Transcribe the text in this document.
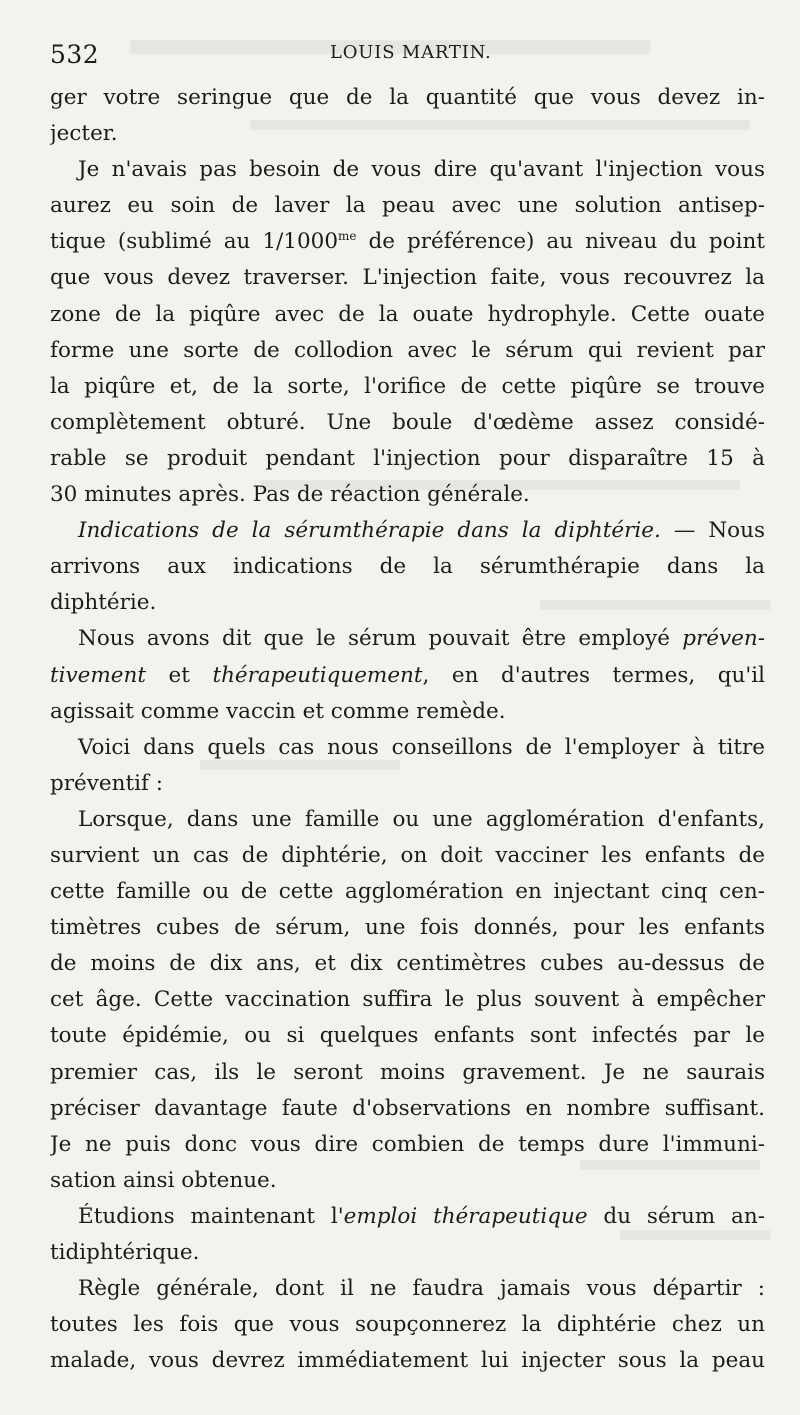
532	LOUIS MARTIN.
ger votre seringue que de la quantité que vous devez in-
jecter.
Je n'avais pas besoin de vous dire qu'avant l'injection vous
aurez eu soin de laver la peau avec une solution antisep-
tique (sublimé au $1/1000^{me}$ de préférence) au niveau du point
que vous devez traverser. L'injection faite, vous recouvrez la
zone de la piqûre avec de la ouate hydrophyle. Cette ouate
forme une sorte de collodion avec le sérum qui revient par
la piqûre et, de la sorte, l'orifice de cette piqûre se trouve
complètement obturé. Une boule d'œdème assez considé-
rable se produit pendant l'injection pour disparaître 15 à
30 minutes après. Pas de réaction générale.
Indications de la sérumthérapie dans la diphtérie. — Nous
arrivons aux indications de la sérumthérapie dans la
diphtérie.
Nous avons dit que le sérum pouvait être employé préven-
tivement et thérapeutiquement, en d'autres termes, qu'il
agissait comme vaccin et comme remède.
Voici dans quels cas nous conseillons de l'employer à titre
préventif :
Lorsque, dans une famille ou une agglomération d'enfants,
survient un cas de diphtérie, on doit vacciner les enfants de
cette famille ou de cette agglomération en injectant cinq cen-
timètres cubes de sérum, une fois donnés, pour les enfants
de moins de dix ans, et dix centimètres cubes au-dessus de
cet âge. Cette vaccination suffira le plus souvent à empêcher
toute épidémie, ou si quelques enfants sont infectés par le
premier cas, ils le seront moins gravement. Je ne saurais
préciser davantage faute d'observations en nombre suffisant.
Je ne puis donc vous dire combien de temps dure l'immuni-
sation ainsi obtenue.
Étudions maintenant l'emploi thérapeutique du sérum an-
tidiphtérique.
Règle générale, dont il ne faudra jamais vous départir :
toutes les fois que vous soupçonnerez la diphtérie chez un
malade, vous devrez immédiatement lui injecter sous la peau
